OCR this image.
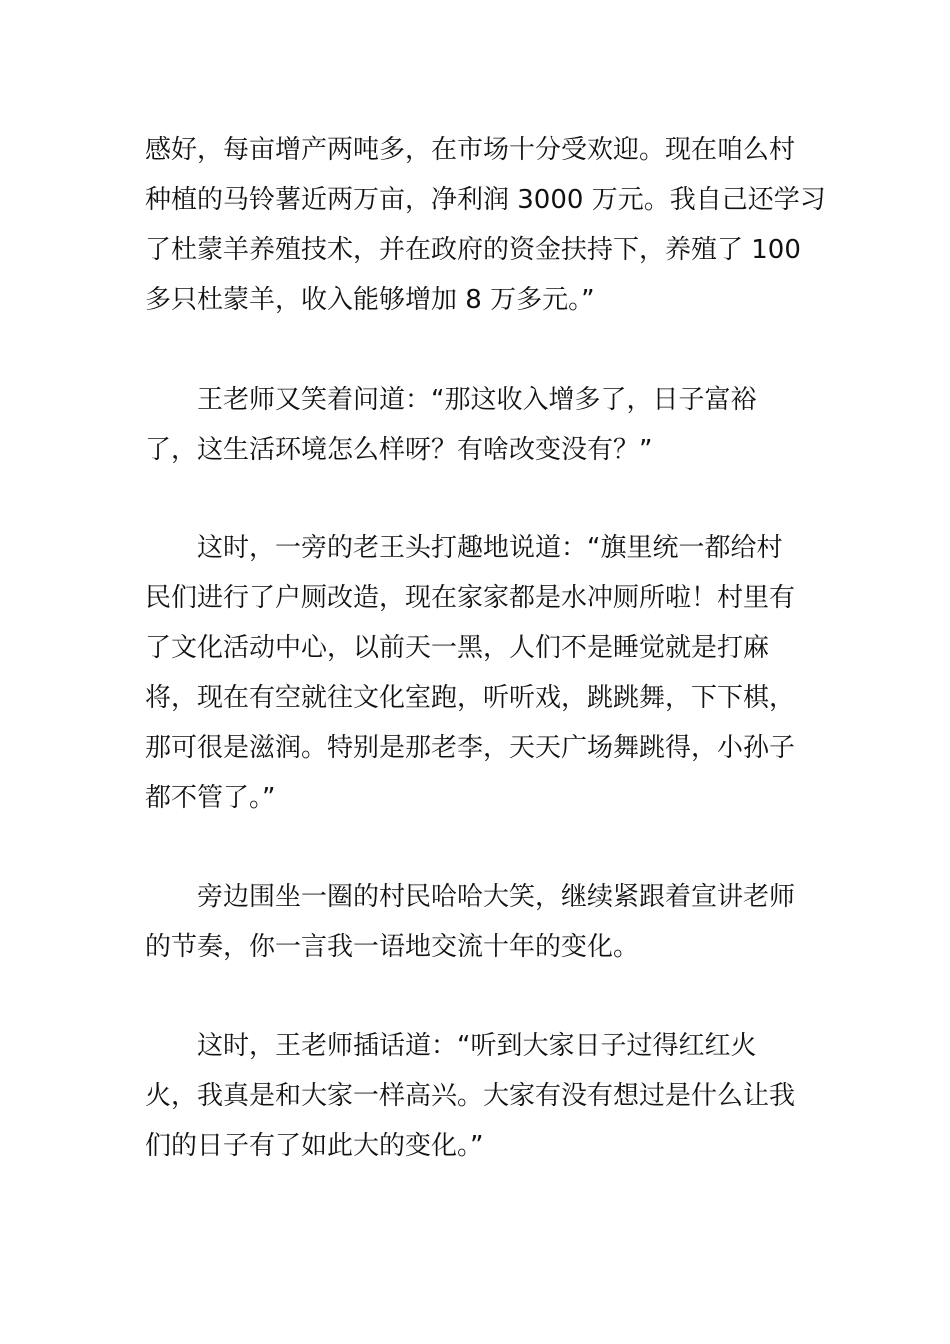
感好，每亩增产两吨多，在市场十分受欢迎。现在咱么村
种植的马铃薯近两万亩，净利润 3000 万元。我自己还学习
了杜蒙羊养殖技术，并在政府的资金扶持下，养殖了 100
多只杜蒙羊，收入能够增加 8 万多元。”
王老师又笑着问道：“那这收入增多了，日子富裕
了，这生活环境怎么样呀？有啥改变没有？”
这时，一旁的老王头打趣地说道：“旗里统一都给村
民们进行了户厕改造，现在家家都是水冲厕所啦！村里有
了文化活动中心，以前天一黑，人们不是睡觉就是打麻
将，现在有空就往文化室跑，听听戏，跳跳舞，下下棋，
那可很是滋润。特别是那老李，天天广场舞跳得，小孙子
都不管了。”
旁边围坐一圈的村民哈哈大笑，继续紧跟着宣讲老师
的节奏，你一言我一语地交流十年的变化。
这时，王老师插话道：“听到大家日子过得红红火
火，我真是和大家一样高兴。大家有没有想过是什么让我
们的日子有了如此大的变化。”
